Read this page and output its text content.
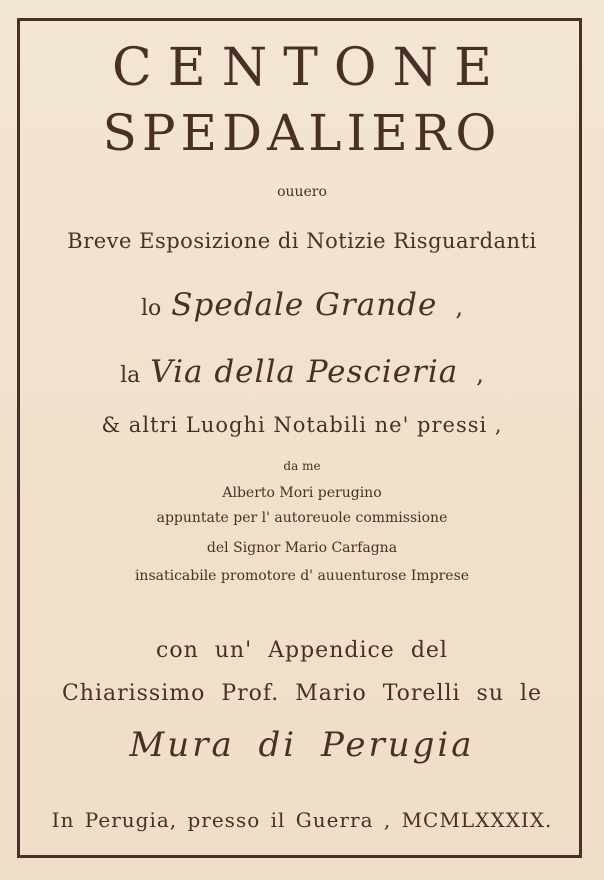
CENTONE
SPEDALIERO
ouuero
Breve Esposizione di Notizie Risguardanti
lo Spedale Grande ,
la Via della Pescieria ,
& altri Luoghi Notabili ne' pressi ,
da me
Alberto Mori perugino
appuntate per l' autoreuole commissione
del Signor Mario Carfagna
insaticabile promotore d' auuenturose Imprese
con un' Appendice del
Chiarissimo Prof. Mario Torelli su le
Mura di Perugia
In Perugia, presso il Guerra , MCMLXXXIX.
